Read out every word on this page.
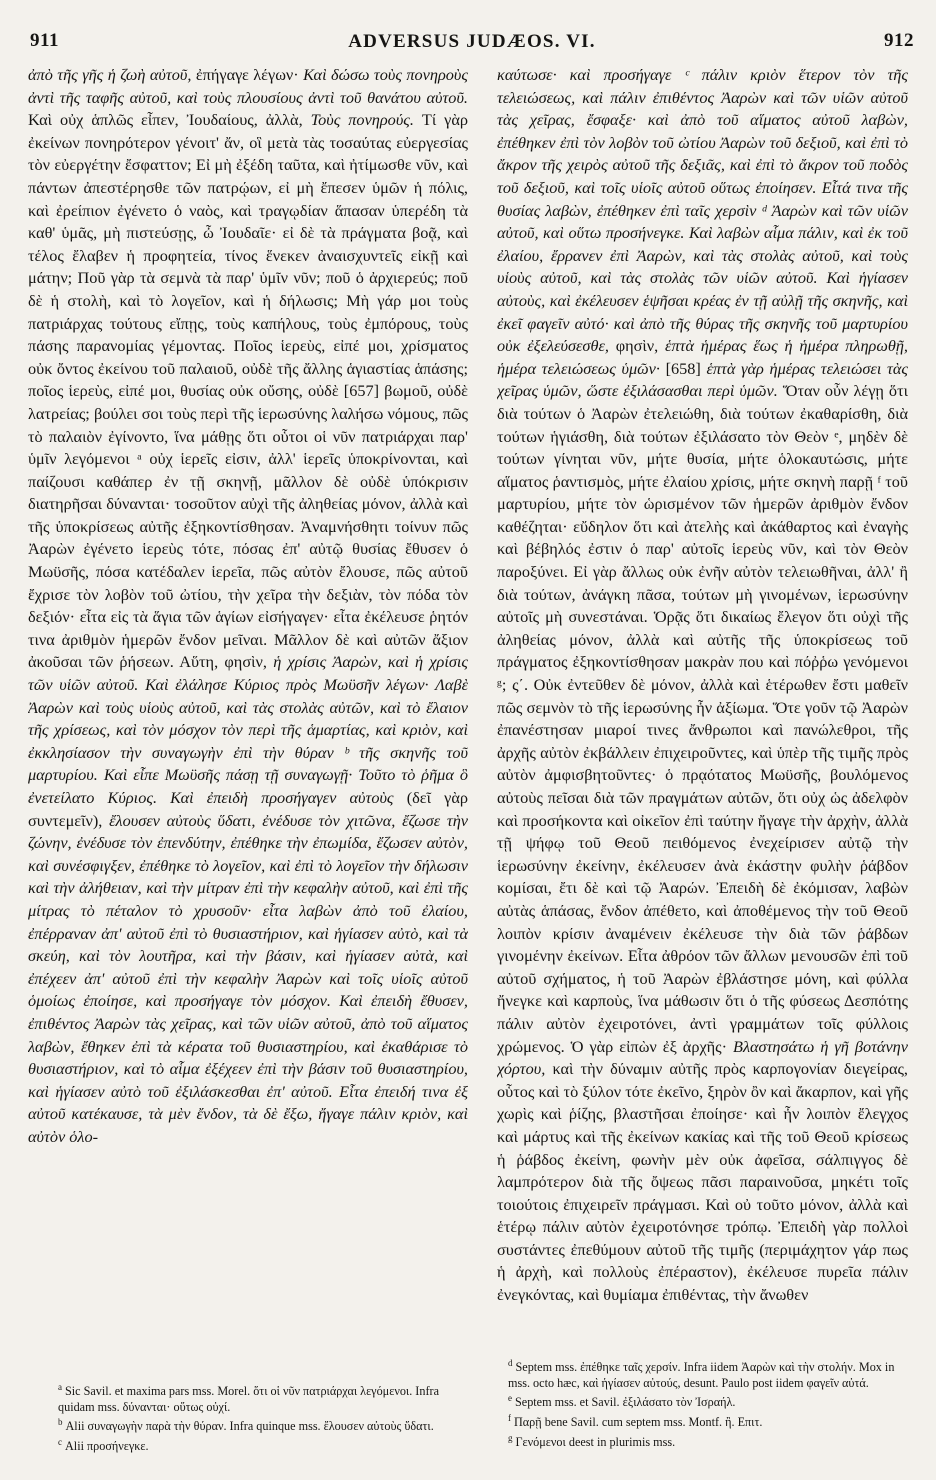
911	ADVERSUS JUDÆOS. VI.	912

ἀπὸ τῆς γῆς ἡ ζωὴ αὐτοῦ, ἐπήγαγε λέγων· Καὶ δώσω τοὺς πονηροὺς ἀντὶ τῆς ταφῆς αὐτοῦ, καὶ τοὺς πλουσίους ἀντὶ τοῦ θανάτου αὐτοῦ. Καὶ οὐχ ἁπλῶς εἶπεν, Ἰουδαίους, ἀλλὰ, Τοὺς πονηρούς. Τί γὰρ ἐκείνων πονηρότερον γένοιτ' ἄν, οἳ μετὰ τὰς τοσαύτας εὐεργεσίας τὸν εὐεργέτην ἔσφαττον; Εἰ μὴ ἐξέδη ταῦτα, καὶ ἠτίμωσθε νῦν, καὶ πάντων ἀπεστέρησθε τῶν πατρῴων, εἰ μὴ ἔπεσεν ὑμῶν ἡ πόλις, καὶ ἐρείπιον ἐγένετο ὁ ναὸς, καὶ τραγῳδίαν ἅπασαν ὑπερέδη τὰ καθ' ὑμᾶς, μὴ πιστεύσῃς, ὦ Ἰουδαῖε· εἰ δὲ τὰ πράγματα βοᾷ, καὶ τέλος ἔλαβεν ἡ προφητεία, τίνος ἕνεκεν ἀναισχυντεῖς εἰκῇ καὶ μάτην; Ποῦ γὰρ τὰ σεμνὰ τὰ παρ' ὑμῖν νῦν; ποῦ ὁ ἀρχιερεύς; ποῦ δὲ ἡ στολὴ, καὶ τὸ λογεῖον, καὶ ἡ δήλωσις; Μὴ γάρ μοι τοὺς πατριάρχας τούτους εἴπῃς, τοὺς καπήλους, τοὺς ἐμπόρους, τοὺς πάσης παρανομίας γέμοντας. Ποῖος ἱερεὺς, εἰπέ μοι, χρίσματος οὐκ ὄντος ἐκείνου τοῦ παλαιοῦ, οὐδὲ τῆς ἄλλης ἁγιαστίας ἁπάσης; ποῖος ἱερεὺς, εἰπέ μοι, θυσίας οὐκ οὔσης, οὐδὲ [657] βωμοῦ, οὐδὲ λατρείας; βούλει σοι τοὺς περὶ τῆς ἱερωσύνης λαλήσω νόμους, πῶς τὸ παλαιὸν ἐγίνοντο, ἵνα μάθῃς ὅτι οὗτοι οἱ νῦν πατριάρχαι παρ' ὑμῖν λεγόμενοι ᵃ οὐχ ἱερεῖς εἰσιν, ἀλλ' ἱερεῖς ὑποκρίνονται, καὶ παίζουσι καθάπερ ἐν τῇ σκηνῇ, μᾶλλον δὲ οὐδὲ ὑπόκρισιν διατηρῆσαι δύνανται· τοσοῦτον αὐχὶ τῆς ἀληθείας μόνον, ἀλλὰ καὶ τῆς ὑποκρίσεως αὐτῆς ἐξηκοντίσθησαν. Ἀναμνήσθητι τοίνυν πῶς Ἀαρὼν ἐγένετο ἱερεὺς τότε, πόσας ἐπ' αὐτῷ θυσίας ἔθυσεν ὁ Μωϋσῆς, πόσα κατέδαλεν ἱερεῖα, πῶς αὐτὸν ἔλουσε, πῶς αὐτοῦ ἔχρισε τὸν λοβὸν τοῦ ὠτίου, τὴν χεῖρα τὴν δεξιὰν, τὸν πόδα τὸν δεξιόν· εἶτα εἰς τὰ ἅγια τῶν ἁγίων εἰσήγαγεν· εἶτα ἐκέλευσε ῥητόν τινα ἀριθμὸν ἡμερῶν ἔνδον μεῖναι. Μᾶλλον δὲ καὶ αὐτῶν ἄξιον ἀκοῦσαι τῶν ῥήσεων. Αὕτη, φησὶν, ἡ χρίσις Ἀαρὼν, καὶ ἡ χρίσις τῶν υἱῶν αὐτοῦ. Καὶ ἐλάλησε Κύριος πρὸς Μωϋσῆν λέγων· Λαβὲ Ἀαρὼν καὶ τοὺς υἱοὺς αὐτοῦ, καὶ τὰς στολὰς αὐτῶν, καὶ τὸ ἔλαιον τῆς χρίσεως, καὶ τὸν μόσχον τὸν περὶ τῆς ἁμαρτίας, καὶ κριὸν, καὶ ἐκκλησίασον τὴν συναγωγὴν ἐπὶ τὴν θύραν ᵇ τῆς σκηνῆς τοῦ μαρτυρίου. Καὶ εἶπε Μωϋσῆς πάσῃ τῇ συναγωγῇ· Τοῦτο τὸ ῥῆμα ὃ ἐνετείλατο Κύριος. Καὶ ἐπειδὴ προσήγαγεν αὐτοὺς (δεῖ γὰρ συντεμεῖν), ἔλουσεν αὐτοὺς ὕδατι, ἐνέδυσε τὸν χιτῶνα, ἔζωσε τὴν ζώνην, ἐνέδυσε τὸν ἐπενδύτην, ἐπέθηκε τὴν ἐπωμίδα, ἔζωσεν αὐτὸν, καὶ συνέσφιγξεν, ἐπέθηκε τὸ λογεῖον, καὶ ἐπὶ τὸ λογεῖον τὴν δήλωσιν καὶ τὴν ἀλήθειαν, καὶ τὴν μίτραν ἐπὶ τὴν κεφαλὴν αὐτοῦ, καὶ ἐπὶ τῆς μίτρας τὸ πέταλον τὸ χρυσοῦν· εἶτα λαβὼν ἀπὸ τοῦ ἐλαίου, ἐπέρραναν ἀπ' αὐτοῦ ἐπὶ τὸ θυσιαστήριον, καὶ ἡγίασεν αὐτὸ, καὶ τὰ σκεύη, καὶ τὸν λουτῆρα, καὶ τὴν βάσιν, καὶ ἡγίασεν αὐτὰ, καὶ ἐπέχεεν ἀπ' αὐτοῦ ἐπὶ τὴν κεφαλὴν Ἀαρὼν καὶ τοῖς υἱοῖς αὐτοῦ ὁμοίως ἐποίησε, καὶ προσήγαγε τὸν μόσχον. Καὶ ἐπειδὴ ἔθυσεν, ἐπιθέντος Ἀαρὼν τὰς χεῖρας, καὶ τῶν υἱῶν αὐτοῦ, ἀπὸ τοῦ αἵματος λαβὼν, ἔθηκεν ἐπὶ τὰ κέρατα τοῦ θυσιαστηρίου, καὶ ἐκαθάρισε τὸ θυσιαστήριον, καὶ τὸ αἷμα ἐξέχεεν ἐπὶ τὴν βάσιν τοῦ θυσιαστηρίου, καὶ ἡγίασεν αὐτὸ τοῦ ἐξιλάσκεσθαι ἐπ' αὐτοῦ. Εἶτα ἐπειδή τινα ἐξ αὐτοῦ κατέκαυσε, τὰ μὲν ἔνδον, τὰ δὲ ἔξω, ἤγαγε πάλιν κριὸν, καὶ αὐτὸν ὁλο-

καύτωσε· καὶ προσήγαγε ᶜ πάλιν κριὸν ἕτερον τὸν τῆς τελειώσεως, καὶ πάλιν ἐπιθέντος Ἀαρὼν καὶ τῶν υἱῶν αὐτοῦ τὰς χεῖρας, ἔσφαξε· καὶ ἀπὸ τοῦ αἵματος αὐτοῦ λαβὼν, ἐπέθηκεν ἐπὶ τὸν λοβὸν τοῦ ὠτίου Ἀαρὼν τοῦ δεξιοῦ, καὶ ἐπὶ τὸ ἄκρον τῆς χειρὸς αὐτοῦ τῆς δεξιᾶς, καὶ ἐπὶ τὸ ἄκρον τοῦ ποδὸς τοῦ δεξιοῦ, καὶ τοῖς υἱοῖς αὐτοῦ οὕτως ἐποίησεν. Εἶτά τινα τῆς θυσίας λαβὼν, ἐπέθηκεν ἐπὶ ταῖς χερσὶν ᵈ Ἀαρὼν καὶ τῶν υἱῶν αὐτοῦ, καὶ οὕτω προσήνεγκε. Καὶ λαβὼν αἷμα πάλιν, καὶ ἐκ τοῦ ἐλαίου, ἔρρανεν ἐπὶ Ἀαρὼν, καὶ τὰς στολὰς αὐτοῦ, καὶ τοὺς υἱοὺς αὐτοῦ, καὶ τὰς στολὰς τῶν υἱῶν αὐτοῦ. Καὶ ἡγίασεν αὐτοὺς, καὶ ἐκέλευσεν ἑψῆσαι κρέας ἐν τῇ αὐλῇ τῆς σκηνῆς, καὶ ἐκεῖ φαγεῖν αὐτό· καὶ ἀπὸ τῆς θύρας τῆς σκηνῆς τοῦ μαρτυρίου οὐκ ἐξελεύσεσθε, φησὶν, ἑπτὰ ἡμέρας ἕως ἡ ἡμέρα πληρωθῇ, ἡμέρα τελειώσεως ὑμῶν· [658] ἑπτὰ γὰρ ἡμέρας τελειώσει τὰς χεῖρας ὑμῶν, ὥστε ἐξιλάσασθαι περὶ ὑμῶν. Ὅταν οὖν λέγῃ ὅτι διὰ τούτων ὁ Ἀαρὼν ἐτελειώθη, διὰ τούτων ἐκαθαρίσθη, διὰ τούτων ἡγιάσθη, διὰ τούτων ἐξιλάσατο τὸν Θεὸν ᵉ, μηδὲν δὲ τούτων γίνηται νῦν, μήτε θυσία, μήτε ὁλοκαυτώσις, μήτε αἵματος ῥαντισμὸς, μήτε ἐλαίου χρίσις, μήτε σκηνὴ παρῇ ᶠ τοῦ μαρτυρίου, μήτε τὸν ὡρισμένον τῶν ἡμερῶν ἀριθμὸν ἔνδον καθέζηται· εὔδηλον ὅτι καὶ ἀτελὴς καὶ ἀκάθαρτος καὶ ἐναγὴς καὶ βέβηλός ἐστιν ὁ παρ' αὐτοῖς ἱερεὺς νῦν, καὶ τὸν Θεὸν παροξύνει. Εἰ γὰρ ἄλλως οὐκ ἐνῆν αὐτὸν τελειωθῆναι, ἀλλ' ἢ διὰ τούτων, ἀνάγκη πᾶσα, τούτων μὴ γινομένων, ἱερωσύνην αὐτοῖς μὴ συνεστάναι. Ὁρᾷς ὅτι δικαίως ἔλεγον ὅτι οὐχὶ τῆς ἀληθείας μόνον, ἀλλὰ καὶ αὐτῆς τῆς ὑποκρίσεως τοῦ πράγματος ἐξηκοντίσθησαν μακρὰν που καὶ πόῤῥω γενόμενοι ᵍ; ς΄. Οὐκ ἐντεῦθεν δὲ μόνον, ἀλλὰ καὶ ἑτέρωθεν ἔστι μαθεῖν πῶς σεμνὸν τὸ τῆς ἱερωσύνης ἦν ἀξίωμα. Ὅτε γοῦν τῷ Ἀαρὼν ἐπανέστησαν μιαροί τινες ἄνθρωποι καὶ πανώλεθροι, τῆς ἀρχῆς αὐτὸν ἐκβάλλειν ἐπιχειροῦντες, καὶ ὑπὲρ τῆς τιμῆς πρὸς αὐτὸν ἀμφισβητοῦντες· ὁ πρᾳότατος Μωϋσῆς, βουλόμενος αὐτοὺς πεῖσαι διὰ τῶν πραγμάτων αὐτῶν, ὅτι οὐχ ὡς ἀδελφὸν καὶ προσήκοντα καὶ οἰκεῖον ἐπὶ ταύτην ἤγαγε τὴν ἀρχὴν, ἀλλὰ τῇ ψήφῳ τοῦ Θεοῦ πειθόμενος ἐνεχείρισεν αὐτῷ τὴν ἱερωσύνην ἐκείνην, ἐκέλευσεν ἀνὰ ἑκάστην φυλὴν ῥάβδον κομίσαι, ἔτι δὲ καὶ τῷ Ἀαρών. Ἐπειδὴ δὲ ἐκόμισαν, λαβὼν αὐτὰς ἁπάσας, ἔνδον ἀπέθετο, καὶ ἀποθέμενος τὴν τοῦ Θεοῦ λοιπὸν κρίσιν ἀναμένειν ἐκέλευσε τὴν διὰ τῶν ῥάβδων γινομένην ἐκείνων. Εἶτα ἀθρόον τῶν ἄλλων μενουσῶν ἐπὶ τοῦ αὐτοῦ σχήματος, ἡ τοῦ Ἀαρὼν ἐβλάστησε μόνη, καὶ φύλλα ἤνεγκε καὶ καρποὺς, ἵνα μάθωσιν ὅτι ὁ τῆς φύσεως Δεσπότης πάλιν αὐτὸν ἐχειροτόνει, ἀντὶ γραμμάτων τοῖς φύλλοις χρώμενος. Ὁ γὰρ εἰπὼν ἐξ ἀρχῆς· Βλαστησάτω ἡ γῆ βοτάνην χόρτου, καὶ τὴν δύναμιν αὐτῆς πρὸς καρπογονίαν διεγείρας, οὗτος καὶ τὸ ξύλον τότε ἐκεῖνο, ξηρὸν ὂν καὶ ἄκαρπον, καὶ γῆς χωρὶς καὶ ῥίζης, βλαστῆσαι ἐποίησε· καὶ ἦν λοιπὸν ἔλεγχος καὶ μάρτυς καὶ τῆς ἐκείνων κακίας καὶ τῆς τοῦ Θεοῦ κρίσεως ἡ ῥάβδος ἐκείνη, φωνὴν μὲν οὐκ ἀφεῖσα, σάλπιγγος δὲ λαμπρότερον διὰ τῆς ὄψεως πᾶσι παραινοῦσα, μηκέτι τοῖς τοιούτοις ἐπιχειρεῖν πράγμασι. Καὶ οὐ τοῦτο μόνον, ἀλλὰ καὶ ἑτέρῳ πάλιν αὐτὸν ἐχειροτόνησε τρόπῳ. Ἐπειδὴ γὰρ πολλοὶ συστάντες ἐπεθύμουν αὐτοῦ τῆς τιμῆς (περιμάχητον γάρ πως ἡ ἀρχὴ, καὶ πολλοὺς ἐπέραστον), ἐκέλευσε πυρεῖα πάλιν ἐνεγκόντας, καὶ θυμίαμα ἐπιθέντας, τὴν ἄνωθεν

$^a$ Sic Savil. et maxima pars mss. Morel. ὅτι οἱ νῦν πατριάρχαι λεγόμενοι. Infra quidam mss. δύνανται· οὕτως οὐχί.
$^b$ Alii συναγωγὴν παρὰ τὴν θύραν. Infra quinque mss. ἔλουσεν αὐτοὺς ὕδατι.
$^c$ Alii προσήνεγκε.
$^d$ Septem mss. ἐπέθηκε ταῖς χερσίν. Infra iidem Ἀαρὼν καὶ τὴν στολήν. Mox in mss. octo hæc, καὶ ἡγίασεν αὐτούς, desunt. Paulo post iidem φαγεῖν αὐτά.
$^e$ Septem mss. et Savil. ἐξιλάσατο τὸν Ἰσραήλ.
$^f$ Παρῇ bene Savil. cum septem mss. Montf. ἢ. Επιτ.
$^g$ Γενόμενοι deest in plurimis mss.
